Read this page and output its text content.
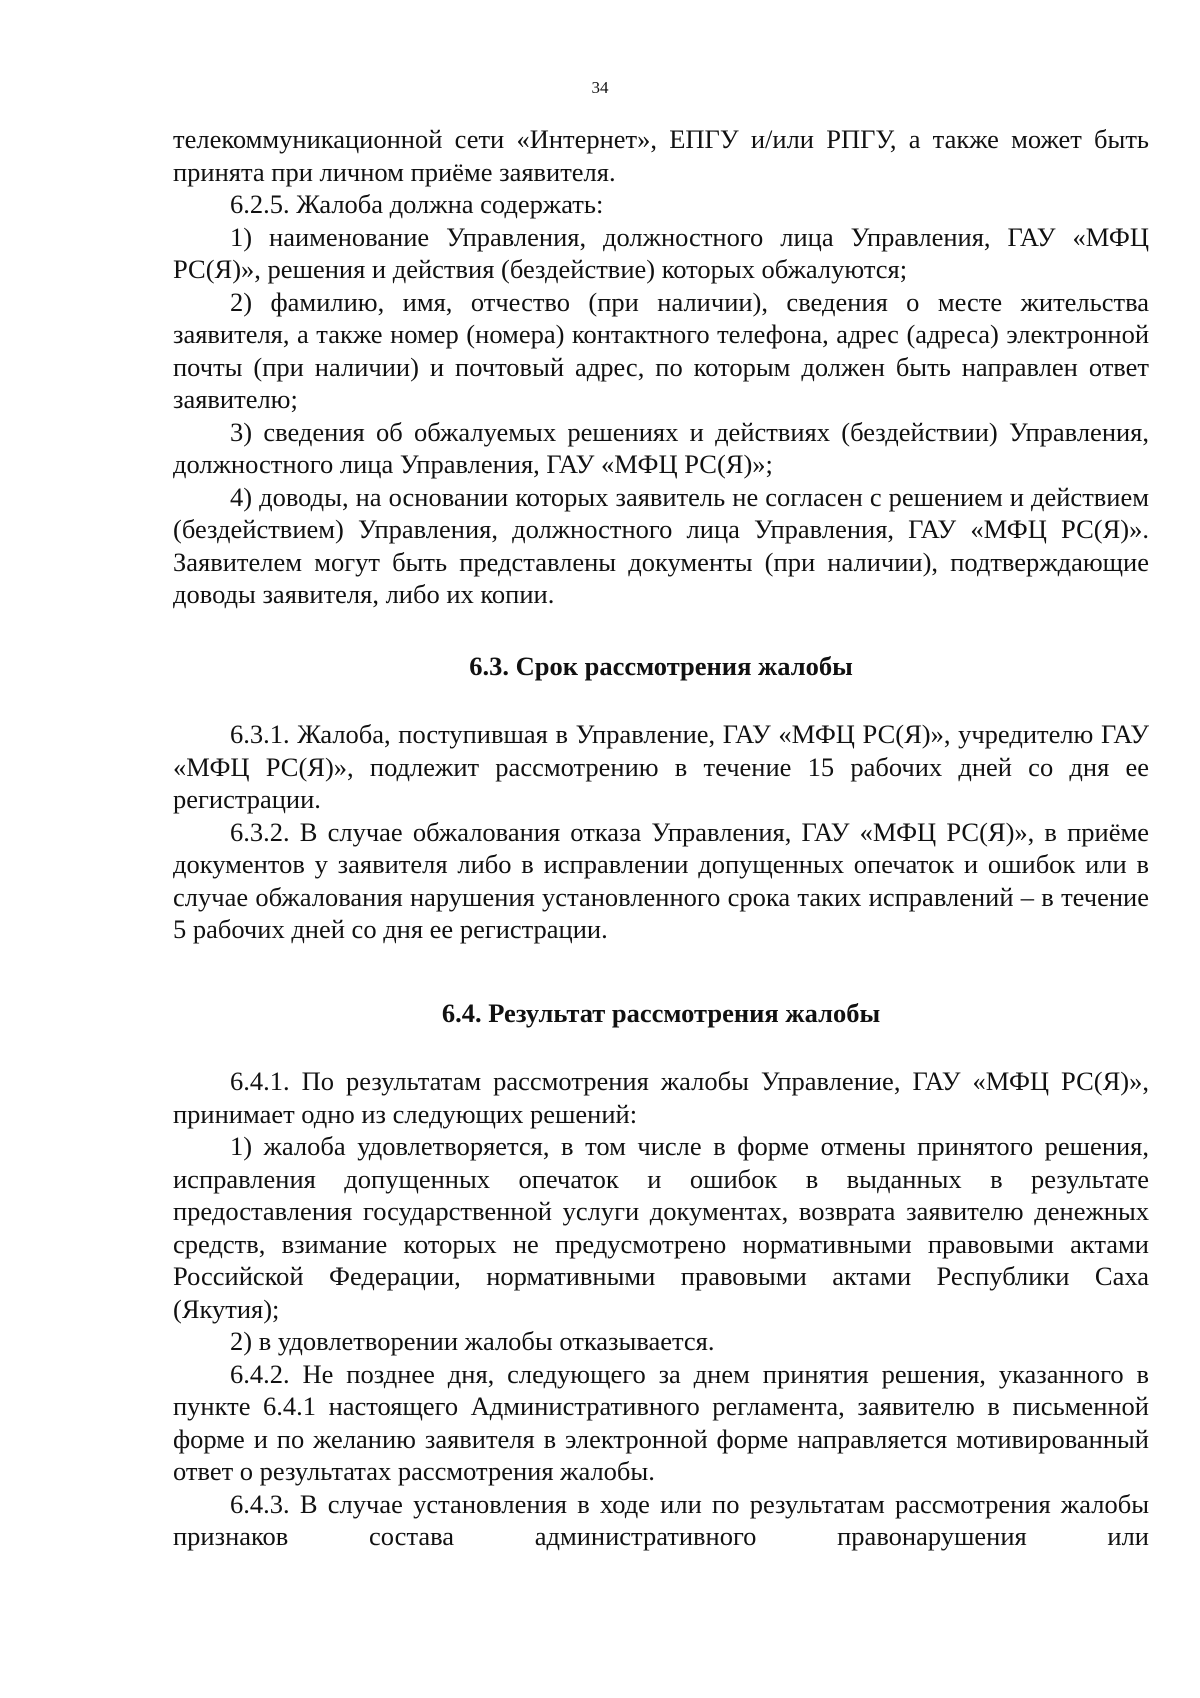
34

телекоммуникационной сети «Интернет», ЕПГУ и/или РПГУ, а также может быть принята при личном приёме заявителя.

6.2.5. Жалоба должна содержать:

1) наименование Управления, должностного лица Управления, ГАУ «МФЦ РС(Я)», решения и действия (бездействие) которых обжалуются;

2) фамилию, имя, отчество (при наличии), сведения о месте жительства заявителя, а также номер (номера) контактного телефона, адрес (адреса) электронной почты (при наличии) и почтовый адрес, по которым должен быть направлен ответ заявителю;

3) сведения об обжалуемых решениях и действиях (бездействии) Управления, должностного лица Управления, ГАУ «МФЦ РС(Я)»;

4) доводы, на основании которых заявитель не согласен с решением и действием (бездействием) Управления, должностного лица Управления, ГАУ «МФЦ РС(Я)». Заявителем могут быть представлены документы (при наличии), подтверждающие доводы заявителя, либо их копии.

6.3. Срок рассмотрения жалобы

6.3.1. Жалоба, поступившая в Управление, ГАУ «МФЦ РС(Я)», учредителю ГАУ «МФЦ РС(Я)», подлежит рассмотрению в течение 15 рабочих дней со дня ее регистрации.

6.3.2. В случае обжалования отказа Управления, ГАУ «МФЦ РС(Я)», в приёме документов у заявителя либо в исправлении допущенных опечаток и ошибок или в случае обжалования нарушения установленного срока таких исправлений – в течение 5 рабочих дней со дня ее регистрации.

6.4. Результат рассмотрения жалобы

6.4.1. По результатам рассмотрения жалобы Управление, ГАУ «МФЦ РС(Я)», принимает одно из следующих решений:

1) жалоба удовлетворяется, в том числе в форме отмены принятого решения, исправления допущенных опечаток и ошибок в выданных в результате предоставления государственной услуги документах, возврата заявителю денежных средств, взимание которых не предусмотрено нормативными правовыми актами Российской Федерации, нормативными правовыми актами Республики Саха (Якутия);

2) в удовлетворении жалобы отказывается.

6.4.2. Не позднее дня, следующего за днем принятия решения, указанного в пункте 6.4.1 настоящего Административного регламента, заявителю в письменной форме и по желанию заявителя в электронной форме направляется мотивированный ответ о результатах рассмотрения жалобы.

6.4.3. В случае установления в ходе или по результатам рассмотрения жалобы признаков состава административного правонарушения или
